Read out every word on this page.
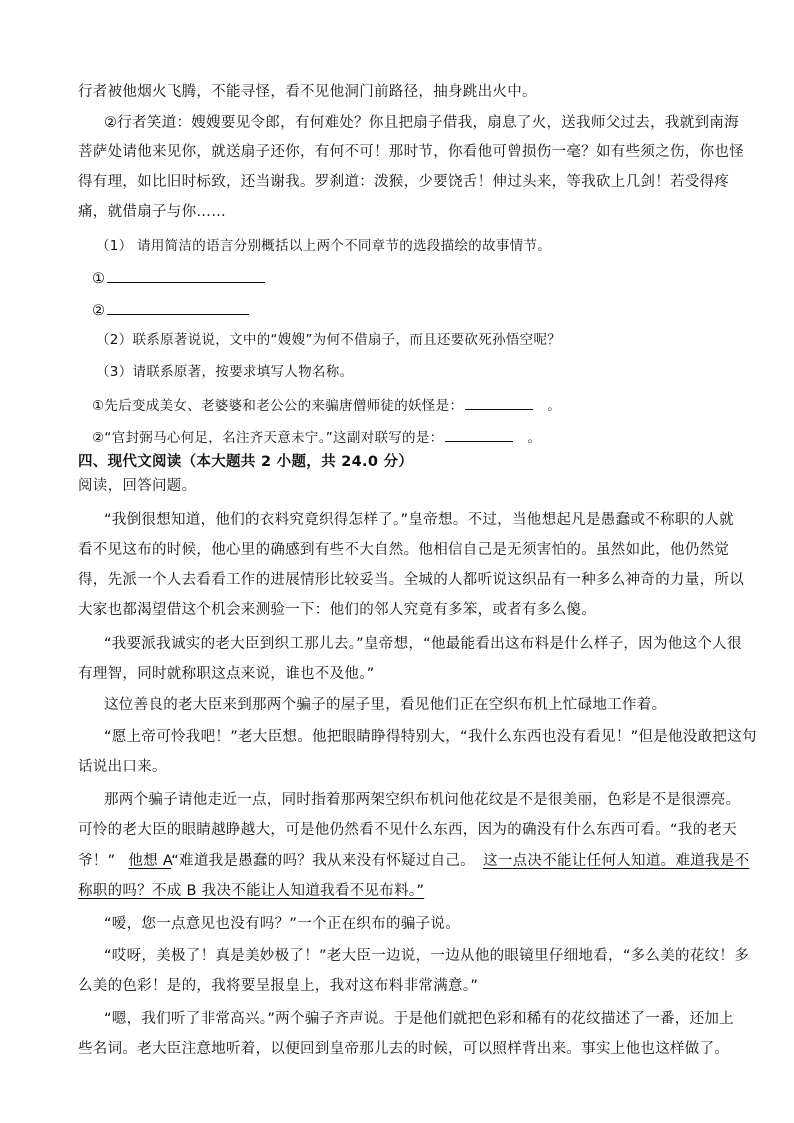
行者被他烟火飞腾，不能寻怪，看不见他洞门前路径，抽身跳出火中。
②行者笑道：嫂嫂要见令郎，有何难处？你且把扇子借我，扇息了火，送我师父过去，我就到南海
菩萨处请他来见你，就送扇子还你，有何不可！那时节，你看他可曾损伤一毫？如有些须之伤，你也怪
得有理，如比旧时标致，还当谢我。罗刹道：泼猴，少要饶舌！伸过头来，等我砍上几剑！若受得疼
痛，就借扇子与你……
（1） 请用简洁的语言分别概括以上两个不同章节的选段描绘的故事情节。
①
②
（2）联系原著说说，文中的“嫂嫂”为何不借扇子，而且还要砍死孙悟空呢？
（3）请联系原著，按要求填写人物名称。
①先后变成美女、老婆婆和老公公的来骗唐僧师徒的妖怪是：	。
②“官封弼马心何足，名注齐天意未宁。”这副对联写的是：	。
四、现代文阅读（本大题共 2 小题，共 24.0 分）
阅读，回答问题。
“我倒很想知道，他们的衣料究竟织得怎样了。”皇帝想。不过，当他想起凡是愚蠢或不称职的人就
看不见这布的时候，他心里的确感到有些不大自然。他相信自己是无须害怕的。虽然如此，他仍然觉
得，先派一个人去看看工作的进展情形比较妥当。全城的人都听说这织品有一种多么神奇的力量，所以
大家也都渴望借这个机会来测验一下：他们的邻人究竟有多笨，或者有多么傻。
“我要派我诚实的老大臣到织工那儿去。”皇帝想，“他最能看出这布料是什么样子，因为他这个人很
有理智，同时就称职这点来说，谁也不及他。”
这位善良的老大臣来到那两个骗子的屋子里，看见他们正在空织布机上忙碌地工作着。
“愿上帝可怜我吧！”老大臣想。他把眼睛睁得特别大，“我什么东西也没有看见！”但是他没敢把这句
话说出口来。
那两个骗子请他走近一点，同时指着那两架空织布机问他花纹是不是很美丽，色彩是不是很漂亮。
可怜的老大臣的眼睛越睁越大，可是他仍然看不见什么东西，因为的确没有什么东西可看。“我的老天
爷！” 他想 A“难道我是愚蠢的吗？我从来没有怀疑过自己。 这一点决不能让任何人知道。难道我是不
称职的吗？不成 B 我决不能让人知道我看不见布料。”
“嗳，您一点意见也没有吗？”一个正在织布的骗子说。
“哎呀，美极了！真是美妙极了！”老大臣一边说，一边从他的眼镜里仔细地看，“多么美的花纹！多
么美的色彩！是的，我将要呈报皇上，我对这布料非常满意。”
“嗯，我们听了非常高兴。”两个骗子齐声说。于是他们就把色彩和稀有的花纹描述了一番，还加上
些名词。老大臣注意地听着，以便回到皇帝那儿去的时候，可以照样背出来。事实上他也这样做了。
